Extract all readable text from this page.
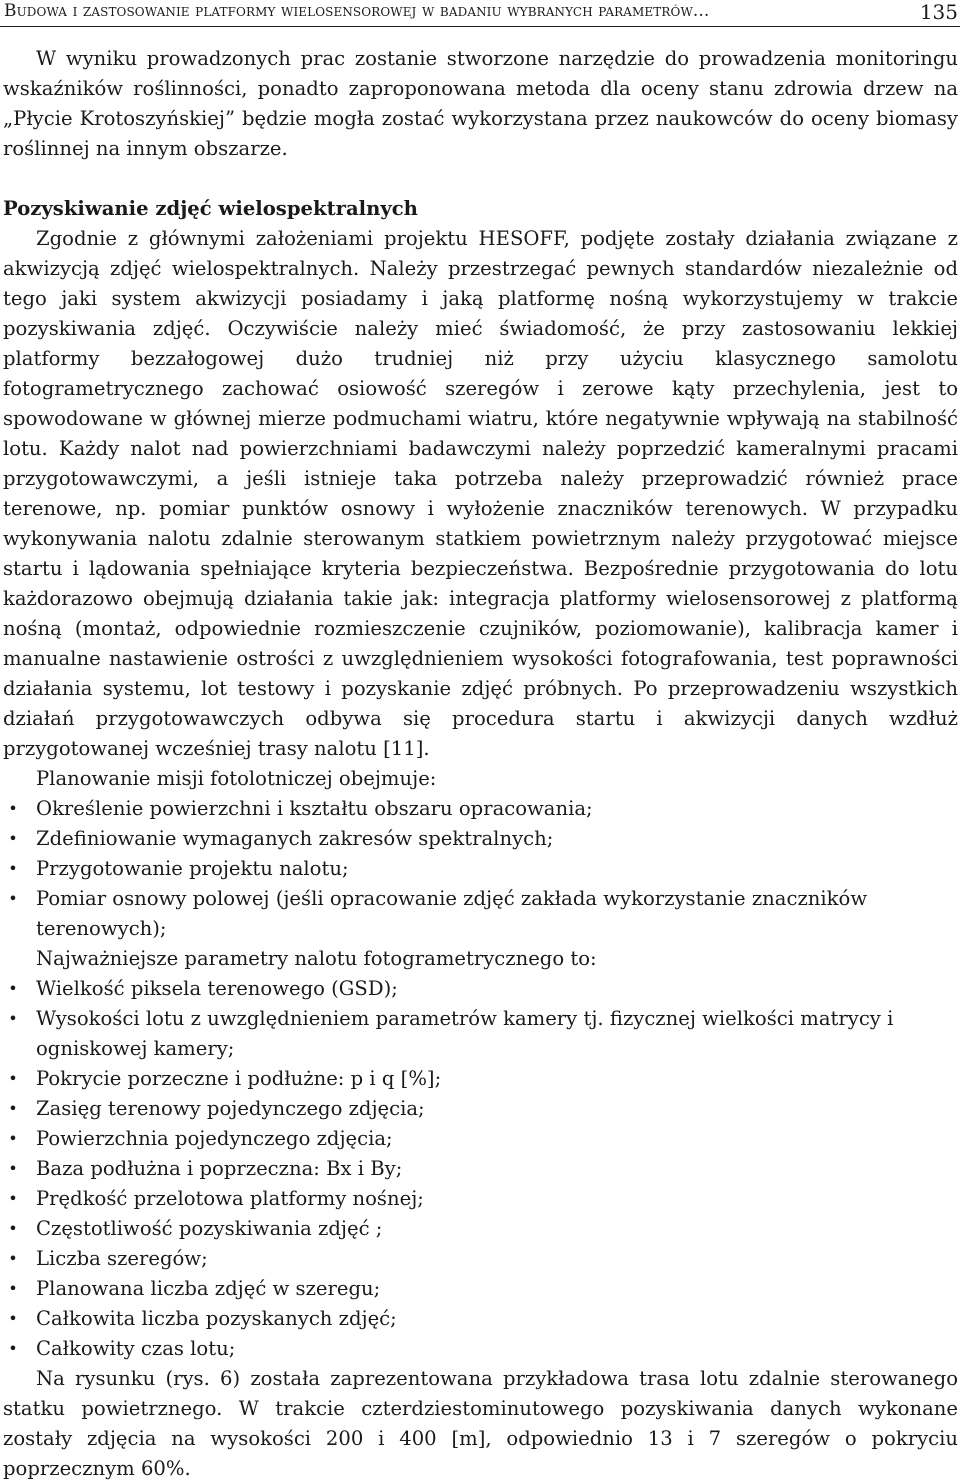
Budowa i zastosowanie platformy wielosensorowej w badaniu wybranych parametrów...	135

W wyniku prowadzonych prac zostanie stworzone narzędzie do prowadzenia monitoringu wskaźników roślinności, ponadto zaproponowana metoda dla oceny stanu zdrowia drzew na „Płycie Krotoszyńskiej” będzie mogła zostać wykorzystana przez naukowców do oceny biomasy roślinnej na innym obszarze.

Pozyskiwanie zdjęć wielospektralnych

Zgodnie z głównymi założeniami projektu HESOFF, podjęte zostały działania związane z akwizycją zdjęć wielospektralnych. Należy przestrzegać pewnych standardów niezależnie od tego jaki system akwizycji posiadamy i jaką platformę nośną wykorzystujemy w trakcie pozyskiwania zdjęć. Oczywiście należy mieć świadomość, że przy zastosowaniu lekkiej platformy bezzałogowej dużo trudniej niż przy użyciu klasycznego samolotu fotogrametrycznego zachować osiowość szeregów i zerowe kąty przechylenia, jest to spowodowane w głównej mierze podmuchami wiatru, które negatywnie wpływają na stabilność lotu. Każdy nalot nad powierzchniami badawczymi należy poprzedzić kameralnymi pracami przygotowawczymi, a jeśli istnieje taka potrzeba należy przeprowadzić również prace terenowe, np. pomiar punktów osnowy i wyłożenie znaczników terenowych. W przypadku wykonywania nalotu zdalnie sterowanym statkiem powietrznym należy przygotować miejsce startu i lądowania spełniające kryteria bezpieczeństwa. Bezpośrednie przygotowania do lotu każdorazowo obejmują działania takie jak: integracja platformy wielosensorowej z platformą nośną (montaż, odpowiednie rozmieszczenie czujników, poziomowanie), kalibracja kamer i manualne nastawienie ostrości z uwzględnieniem wysokości fotografowania, test poprawności działania systemu, lot testowy i pozyskanie zdjęć próbnych. Po przeprowadzeniu wszystkich działań przygotowawczych odbywa się procedura startu i akwizycji danych wzdłuż przygotowanej wcześniej trasy nalotu [11].

Planowanie misji fotolotniczej obejmuje:

• Określenie powierzchni i kształtu obszaru opracowania;
• Zdefiniowanie wymaganych zakresów spektralnych;
• Przygotowanie projektu nalotu;
• Pomiar osnowy polowej (jeśli opracowanie zdjęć zakłada wykorzystanie znaczników terenowych);

Najważniejsze parametry nalotu fotogrametrycznego to:

• Wielkość piksela terenowego (GSD);
• Wysokości lotu z uwzględnieniem parametrów kamery tj. fizycznej wielkości matrycy i ogniskowej kamery;
• Pokrycie porzeczne i podłużne: p i q [%];
• Zasięg terenowy pojedynczego zdjęcia;
• Powierzchnia pojedynczego zdjęcia;
• Baza podłużna i poprzeczna: Bx i By;
• Prędkość przelotowa platformy nośnej;
• Częstotliwość pozyskiwania zdjęć ;
• Liczba szeregów;
• Planowana liczba zdjęć w szeregu;
• Całkowita liczba pozyskanych zdjęć;
• Całkowity czas lotu;

Na rysunku (rys. 6) została zaprezentowana przykładowa trasa lotu zdalnie sterowanego statku powietrznego. W trakcie czterdziestominutowego pozyskiwania danych wykonane zostały zdjęcia na wysokości 200 i 400 [m], odpowiednio 13 i 7 szeregów o pokryciu poprzecznym 60%.
